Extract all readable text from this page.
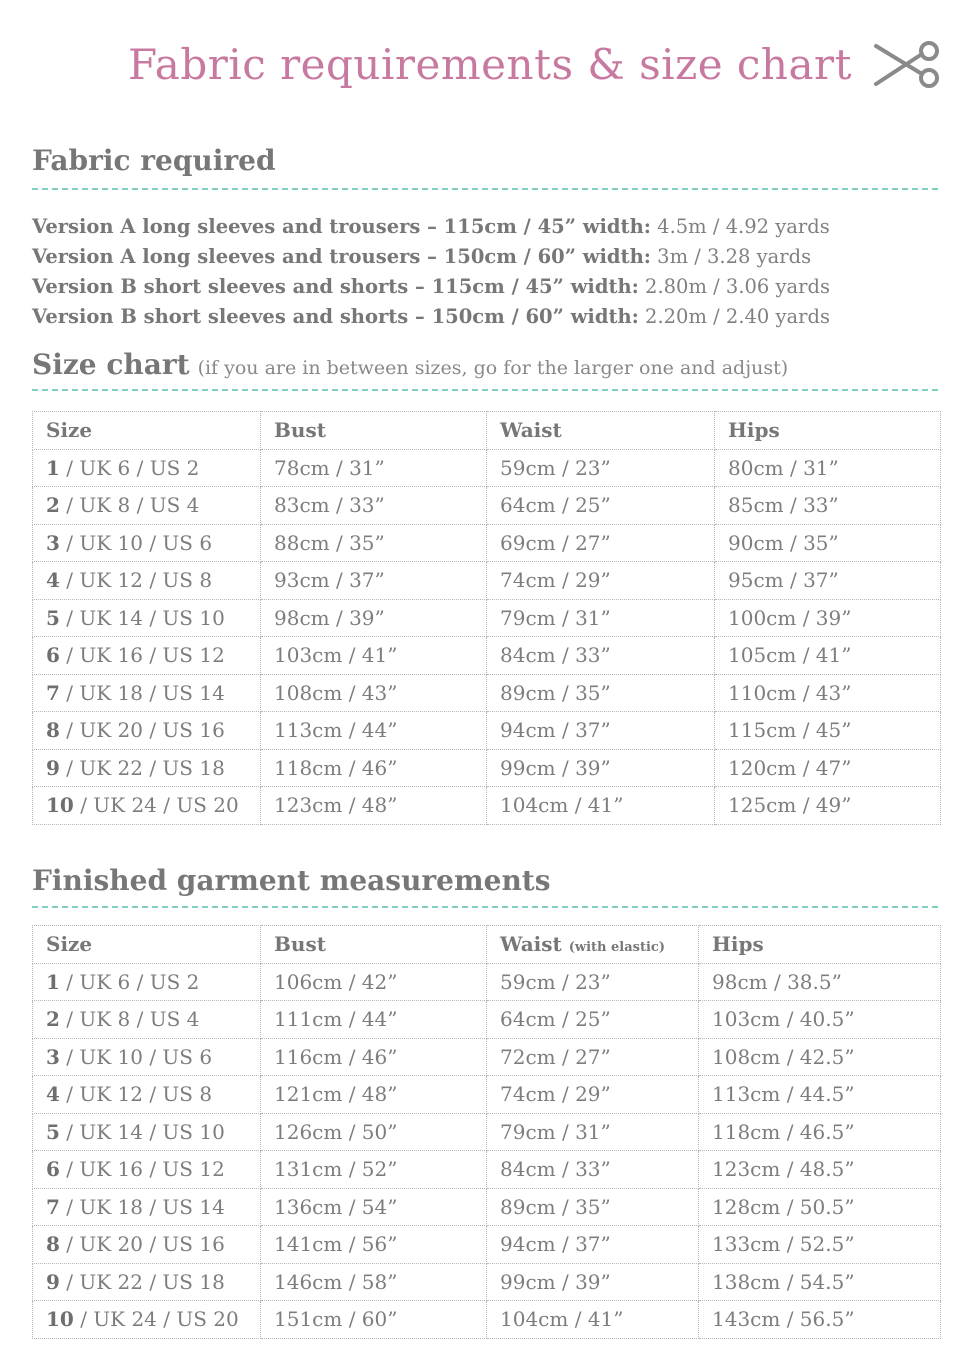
Fabric requirements & size chart
Fabric required
Version A long sleeves and trousers – 115cm / 45” width: 4.5m / 4.92 yards
Version A long sleeves and trousers – 150cm / 60” width: 3m / 3.28 yards
Version B short sleeves and shorts – 115cm / 45” width: 2.80m / 3.06 yards
Version B short sleeves and shorts – 150cm / 60” width: 2.20m / 2.40 yards
Size chart (if you are in between sizes, go for the larger one and adjust)
Size	Bust	Waist	Hips
1 / UK 6 / US 2	78cm / 31”	59cm / 23”	80cm / 31”
2 / UK 8 / US 4	83cm / 33”	64cm / 25”	85cm / 33”
3 / UK 10 / US 6	88cm / 35”	69cm / 27”	90cm / 35”
4 / UK 12 / US 8	93cm / 37”	74cm / 29”	95cm / 37”
5 / UK 14 / US 10	98cm / 39”	79cm / 31”	100cm / 39”
6 / UK 16 / US 12	103cm / 41”	84cm / 33”	105cm / 41”
7 / UK 18 / US 14	108cm / 43”	89cm / 35”	110cm / 43”
8 / UK 20 / US 16	113cm / 44”	94cm / 37”	115cm / 45”
9 / UK 22 / US 18	118cm / 46”	99cm / 39”	120cm / 47”
10 / UK 24 / US 20	123cm / 48”	104cm / 41”	125cm / 49”
Finished garment measurements
Size	Bust	Waist (with elastic)	Hips
1 / UK 6 / US 2	106cm / 42”	59cm / 23”	98cm / 38.5”
2 / UK 8 / US 4	111cm / 44”	64cm / 25”	103cm / 40.5”
3 / UK 10 / US 6	116cm / 46”	72cm / 27”	108cm / 42.5”
4 / UK 12 / US 8	121cm / 48”	74cm / 29”	113cm / 44.5”
5 / UK 14 / US 10	126cm / 50”	79cm / 31”	118cm / 46.5”
6 / UK 16 / US 12	131cm / 52”	84cm / 33”	123cm / 48.5”
7 / UK 18 / US 14	136cm / 54”	89cm / 35”	128cm / 50.5”
8 / UK 20 / US 16	141cm / 56”	94cm / 37”	133cm / 52.5”
9 / UK 22 / US 18	146cm / 58”	99cm / 39”	138cm / 54.5”
10 / UK 24 / US 20	151cm / 60”	104cm / 41”	143cm / 56.5”
